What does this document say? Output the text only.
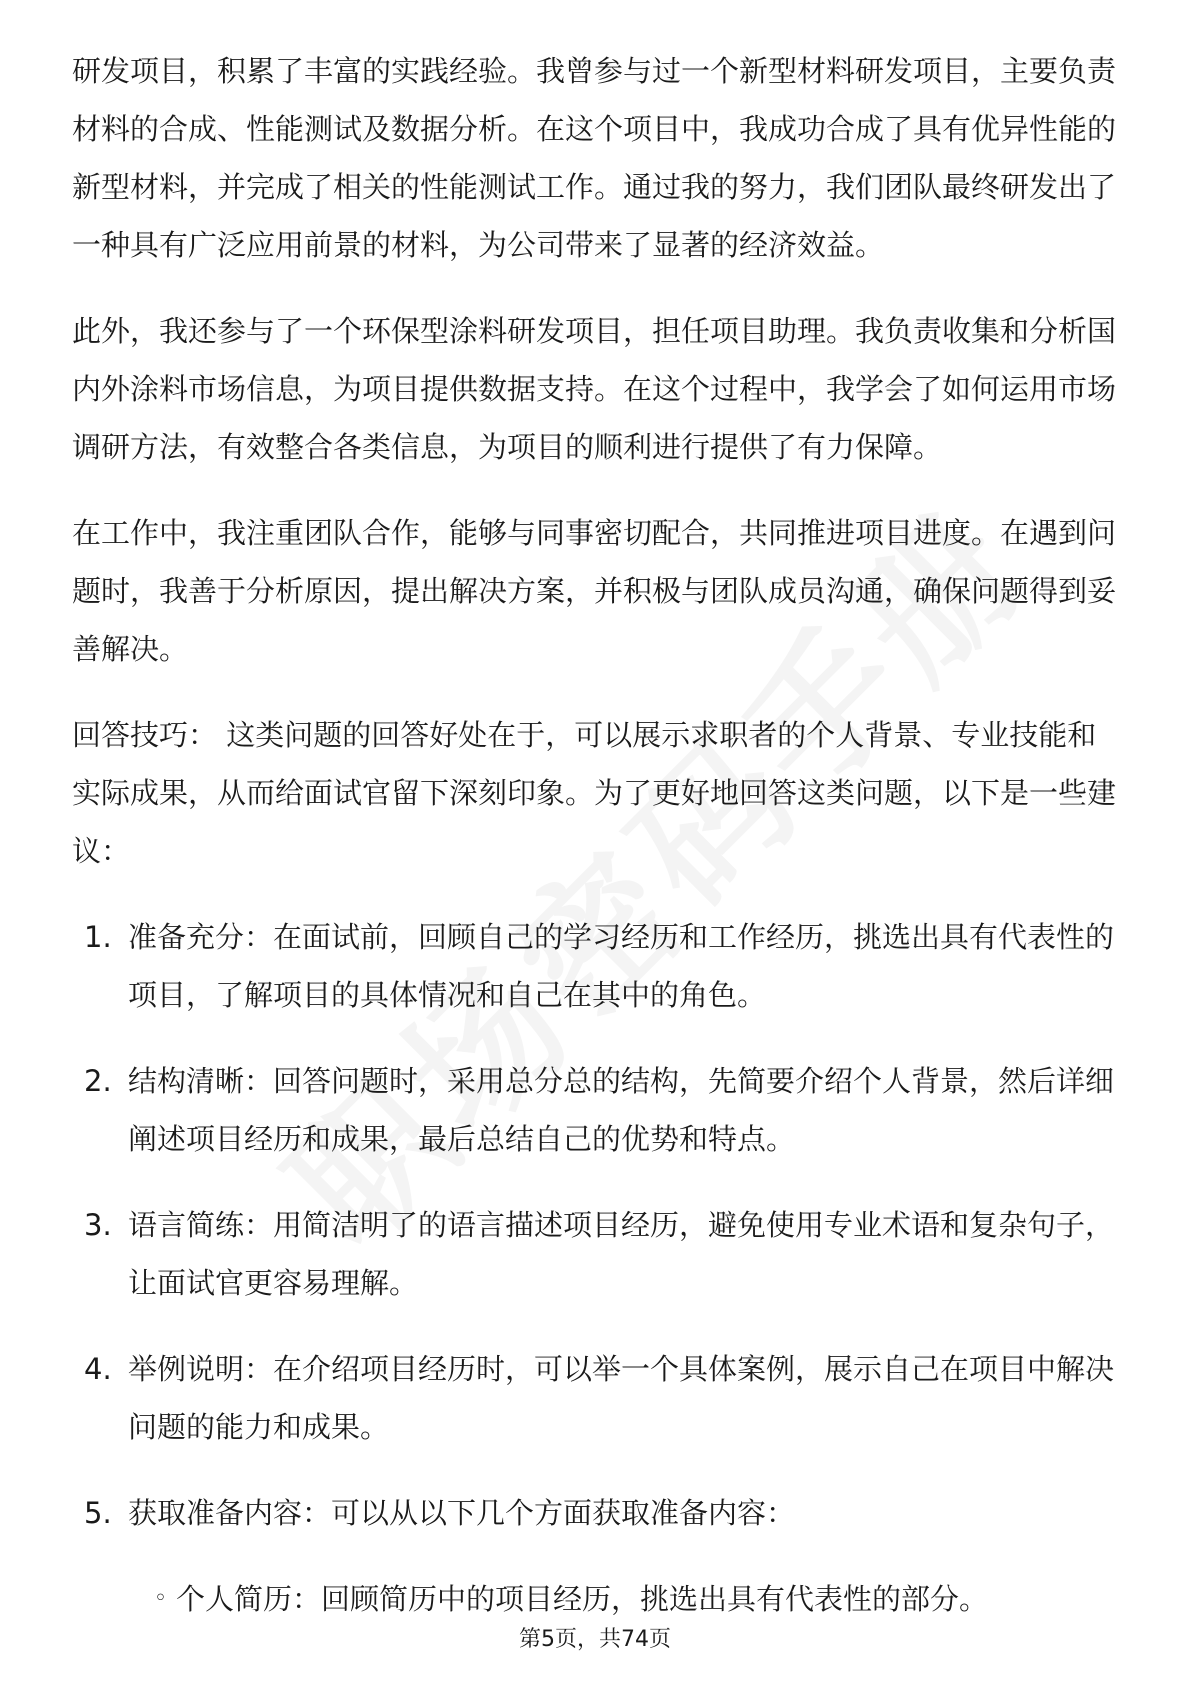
研发项目，积累了丰富的实践经验。我曾参与过一个新型材料研发项目，主要负责材料的合成、性能测试及数据分析。在这个项目中，我成功合成了具有优异性能的新型材料，并完成了相关的性能测试工作。通过我的努力，我们团队最终研发出了一种具有广泛应用前景的材料，为公司带来了显著的经济效益。

此外，我还参与了一个环保型涂料研发项目，担任项目助理。我负责收集和分析国内外涂料市场信息，为项目提供数据支持。在这个过程中，我学会了如何运用市场调研方法，有效整合各类信息，为项目的顺利进行提供了有力保障。

在工作中，我注重团队合作，能够与同事密切配合，共同推进项目进度。在遇到问题时，我善于分析原因，提出解决方案，并积极与团队成员沟通，确保问题得到妥善解决。

回答技巧： 这类问题的回答好处在于，可以展示求职者的个人背景、专业技能和实际成果，从而给面试官留下深刻印象。为了更好地回答这类问题，以下是一些建议：

1. 准备充分：在面试前，回顾自己的学习经历和工作经历，挑选出具有代表性的项目，了解项目的具体情况和自己在其中的角色。
2. 结构清晰：回答问题时，采用总分总的结构，先简要介绍个人背景，然后详细阐述项目经历和成果，最后总结自己的优势和特点。
3. 语言简练：用简洁明了的语言描述项目经历，避免使用专业术语和复杂句子，让面试官更容易理解。
4. 举例说明：在介绍项目经历时，可以举一个具体案例，展示自己在项目中解决问题的能力和成果。
5. 获取准备内容：可以从以下几个方面获取准备内容：
◦ 个人简历：回顾简历中的项目经历，挑选出具有代表性的部分。
第5页，共74页
